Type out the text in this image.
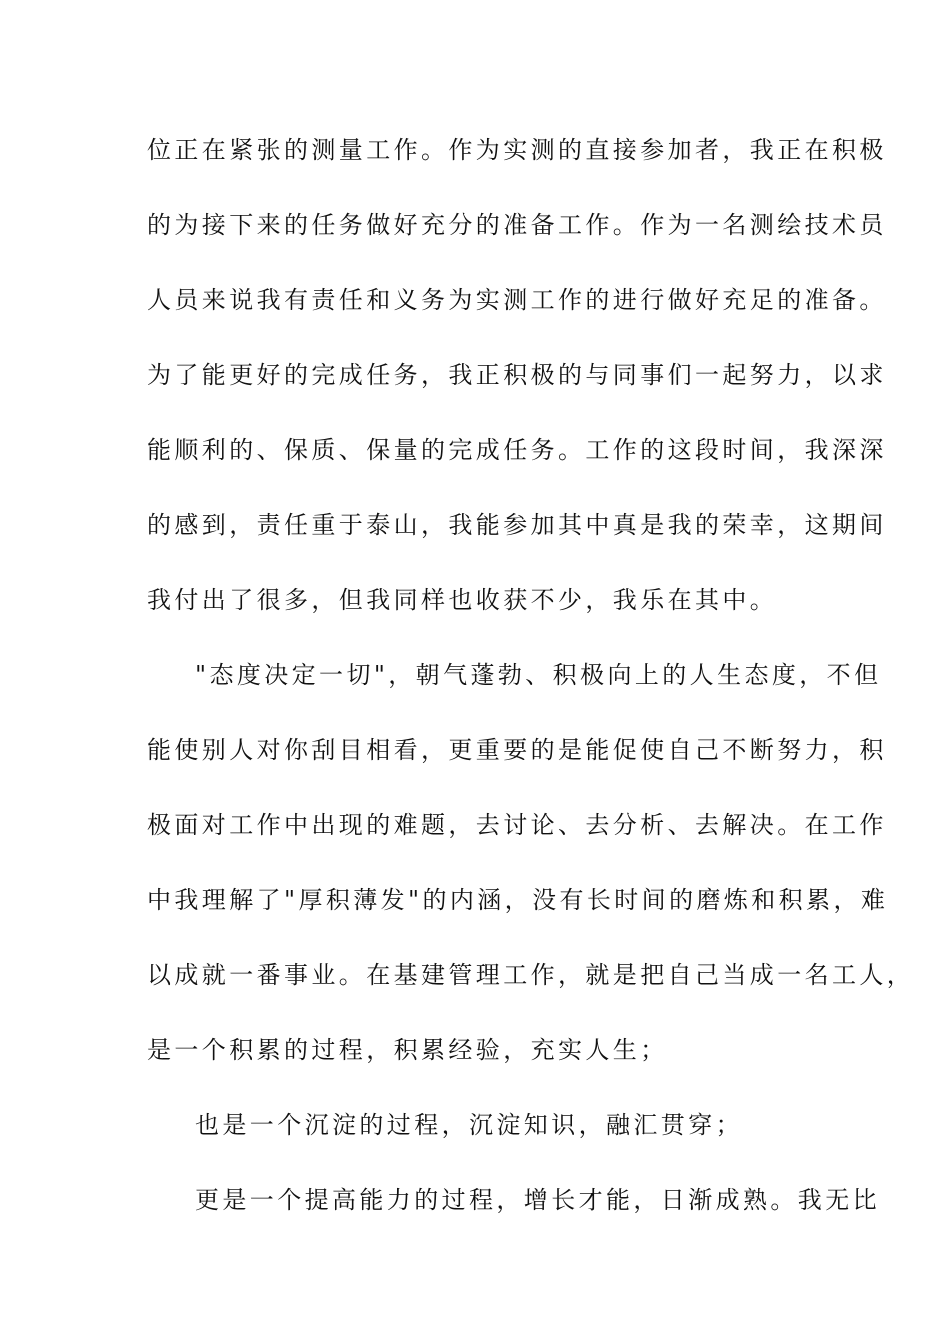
位正在紧张的测量工作。作为实测的直接参加者，我正在积极
的为接下来的任务做好充分的准备工作。作为一名测绘技术员
人员来说我有责任和义务为实测工作的进行做好充足的准备。
为了能更好的完成任务，我正积极的与同事们一起努力，以求
能顺利的、保质、保量的完成任务。工作的这段时间，我深深
的感到，责任重于泰山，我能参加其中真是我的荣幸，这期间
我付出了很多，但我同样也收获不少，我乐在其中。
"态度决定一切"，朝气蓬勃、积极向上的人生态度，不但
能使别人对你刮目相看，更重要的是能促使自己不断努力，积
极面对工作中出现的难题，去讨论、去分析、去解决。在工作
中我理解了"厚积薄发"的内涵，没有长时间的磨炼和积累，难
以成就一番事业。在基建管理工作，就是把自己当成一名工人，
是一个积累的过程，积累经验，充实人生；
也是一个沉淀的过程，沉淀知识，融汇贯穿；
更是一个提高能力的过程，增长才能，日渐成熟。我无比
